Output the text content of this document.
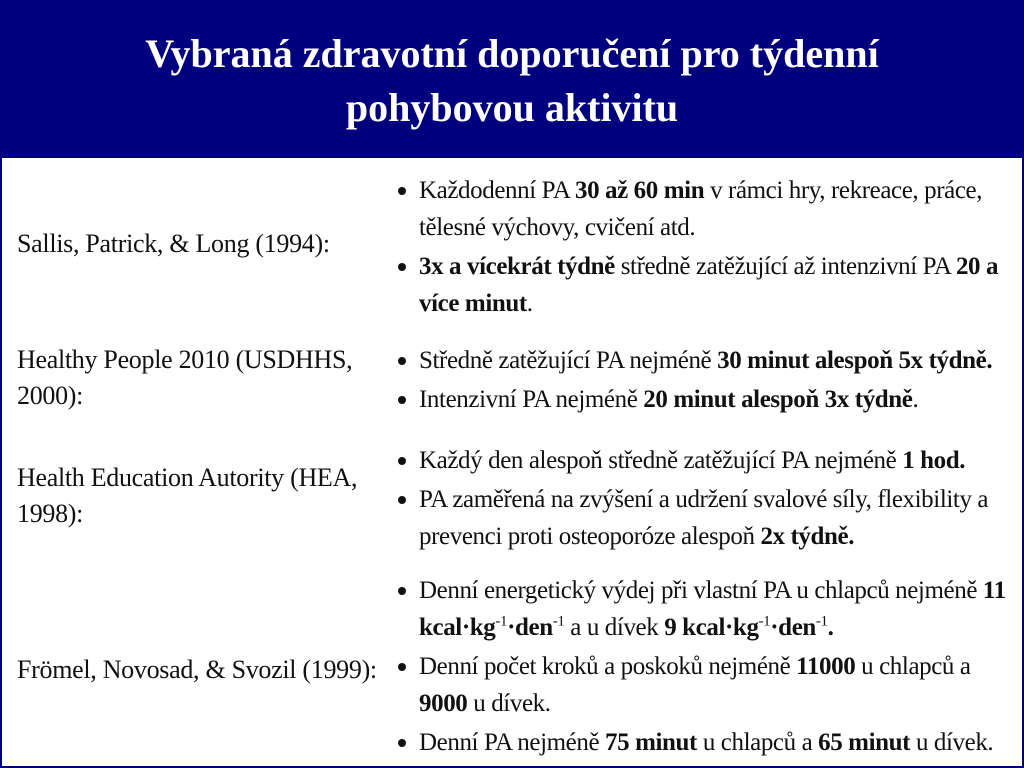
Vybraná zdravotní doporučení pro týdenní
pohybovou aktivitu
Sallis, Patrick, & Long (1994):
Každodenní PA 30 až 60 min v rámci hry, rekreace, práce, tělesné výchovy, cvičení atd.
3x a vícekrát týdně středně zatěžující až intenzivní PA 20 a více minut.
Healthy People 2010 (USDHHS, 2000):
Středně zatěžující PA nejméně 30 minut alespoň 5x týdně.
Intenzivní PA nejméně 20 minut alespoň 3x týdně.
Health Education Autority (HEA, 1998):
Každý den alespoň středně zatěžující PA nejméně 1 hod.
PA zaměřená na zvýšení a udržení svalové síly, flexibility a prevenci proti osteoporóze alespoň 2x týdně.
Frömel, Novosad, & Svozil (1999):
Denní energetický výdej při vlastní PA u chlapců nejméně 11 $kcal\cdot kg^{-1}\cdot den^{-1}$ a u dívek 9 $kcal\cdot kg^{-1}\cdot den^{-1}$.
Denní počet kroků a poskoků nejméně 11000 u chlapců a 9000 u dívek.
Denní PA nejméně 75 minut u chlapců a 65 minut u dívek.
